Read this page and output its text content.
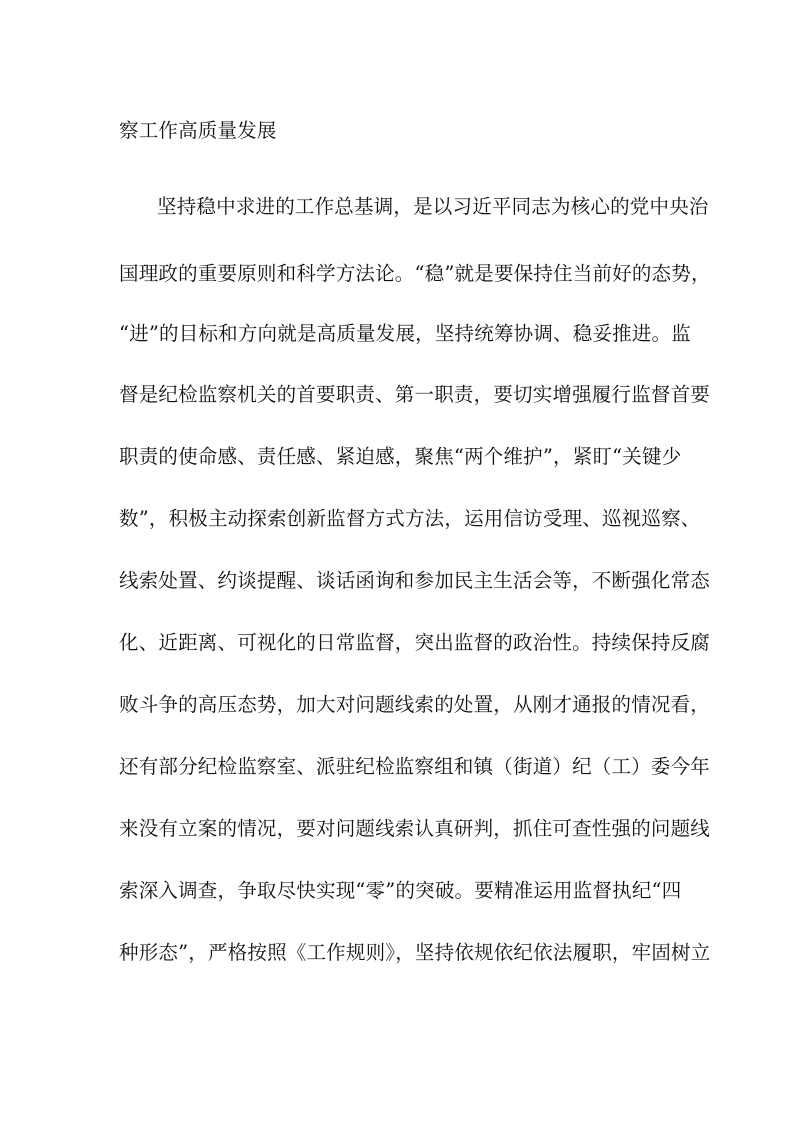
察工作高质量发展
坚持稳中求进的工作总基调，是以习近平同志为核心的党中央治
国理政的重要原则和科学方法论。“稳”就是要保持住当前好的态势，
“进”的目标和方向就是高质量发展，坚持统筹协调、稳妥推进。监
督是纪检监察机关的首要职责、第一职责，要切实增强履行监督首要
职责的使命感、责任感、紧迫感，聚焦“两个维护”，紧盯“关键少
数”，积极主动探索创新监督方式方法，运用信访受理、巡视巡察、
线索处置、约谈提醒、谈话函询和参加民主生活会等，不断强化常态
化、近距离、可视化的日常监督，突出监督的政治性。持续保持反腐
败斗争的高压态势，加大对问题线索的处置，从刚才通报的情况看，
还有部分纪检监察室、派驻纪检监察组和镇（街道）纪（工）委今年
来没有立案的情况，要对问题线索认真研判，抓住可查性强的问题线
索深入调查，争取尽快实现“零”的突破。要精准运用监督执纪“四
种形态”，严格按照《工作规则》，坚持依规依纪依法履职，牢固树立
